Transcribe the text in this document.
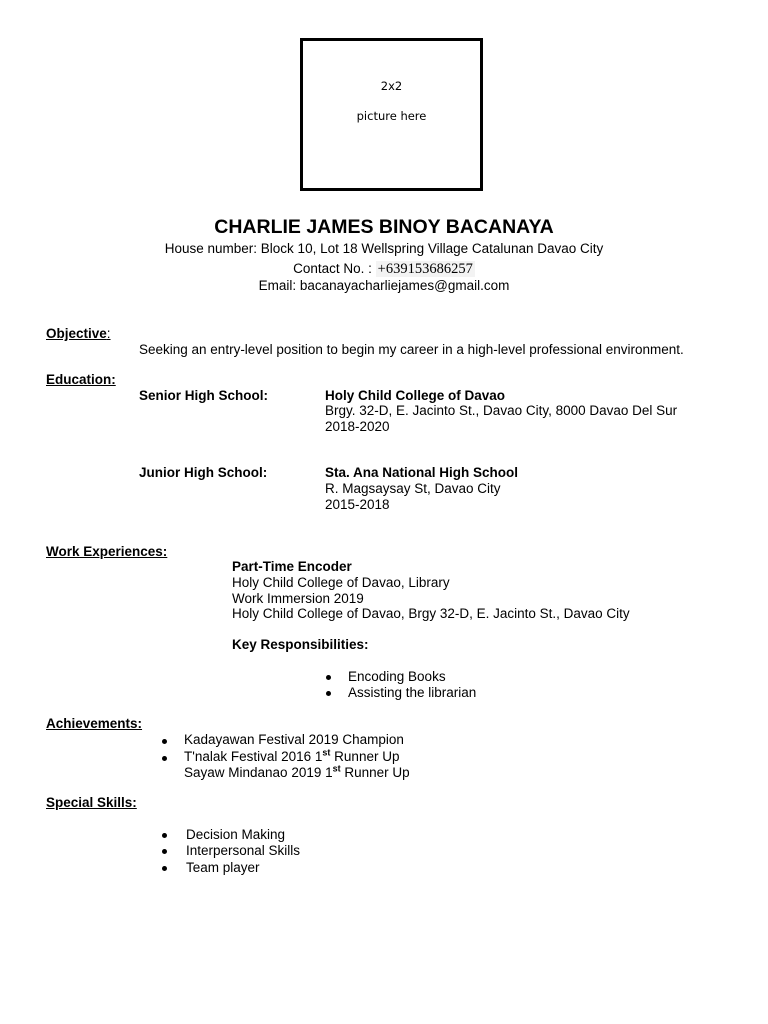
2x2
picture here
CHARLIE JAMES BINOY BACANAYA
House number: Block 10, Lot 18 Wellspring Village Catalunan Davao City
Contact No. : +639153686257
Email: bacanayacharliejames@gmail.com
Objective:
Seeking an entry-level position to begin my career in a high-level professional environment.
Education:
Senior High School:	Holy Child College of Davao
Brgy. 32-D, E. Jacinto St., Davao City, 8000 Davao Del Sur
2018-2020
Junior High School:	Sta. Ana National High School
R. Magsaysay St, Davao City
2015-2018
Work Experiences:
Part-Time Encoder
Holy Child College of Davao, Library
Work Immersion 2019
Holy Child College of Davao, Brgy 32-D, E. Jacinto St., Davao City
Key Responsibilities:
Encoding Books
Assisting the librarian
Achievements:
Kadayawan Festival 2019 Champion
T'nalak Festival 2016 1st Runner Up
Sayaw Mindanao 2019 1st Runner Up
Special Skills:
Decision Making
Interpersonal Skills
Team player
